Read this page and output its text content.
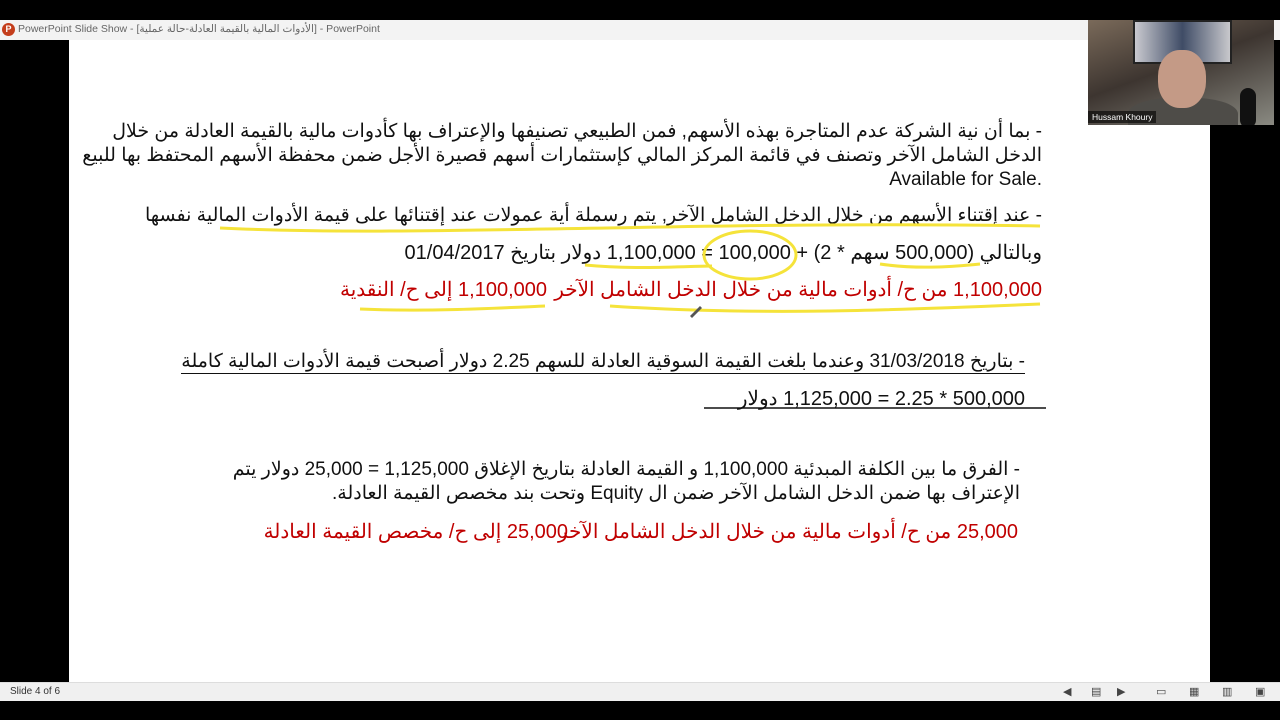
P PowerPoint Slide Show - [الأدوات المالية بالقيمة العادلة-حالة عملية] - PowerPoint
- بما أن نية الشركة عدم المتاجرة بهذه الأسهم, فمن الطبيعي تصنيفها والإعتراف بها كأدوات مالية بالقيمة العادلة من خلال
الدخل الشامل الآخر وتصنف في قائمة المركز المالي كإستثمارات أسهم قصيرة الأجل ضمن محفظة الأسهم المحتفظ بها للبيع
Available for Sale.
- عند إقتناء الأسهم من خلال الدخل الشامل الآخر, يتم رسملة أية عمولات عند إقتنائها على قيمة الأدوات المالية نفسها
وبالتالي (500,000 سهم * 2) + 100,000 = 1,100,000 دولار بتاريخ 01/04/2017
1,100,000 من ح/ أدوات مالية من خلال الدخل الشامل الآخر
1,100,000 إلى ح/ النقدية
- بتاريخ 31/03/2018 وعندما بلغت القيمة السوقية العادلة للسهم 2.25 دولار أصبحت قيمة الأدوات المالية كاملة
500,000 * 2.25 = 1,125,000 دولار
- الفرق ما بين الكلفة المبدئية 1,100,000 و القيمة العادلة بتاريخ الإغلاق 1,125,000 = 25,000 دولار يتم
الإعتراف بها ضمن الدخل الشامل الآخر ضمن ال Equity وتحت بند مخصص القيمة العادلة.
25,000 من ح/ أدوات مالية من خلال الدخل الشامل الآخر
25,000 إلى ح/ مخصص القيمة العادلة
Hussam Khoury
Slide 4 of 6	◀ ▤ ▶	▭ ▦ ▥ ▣
